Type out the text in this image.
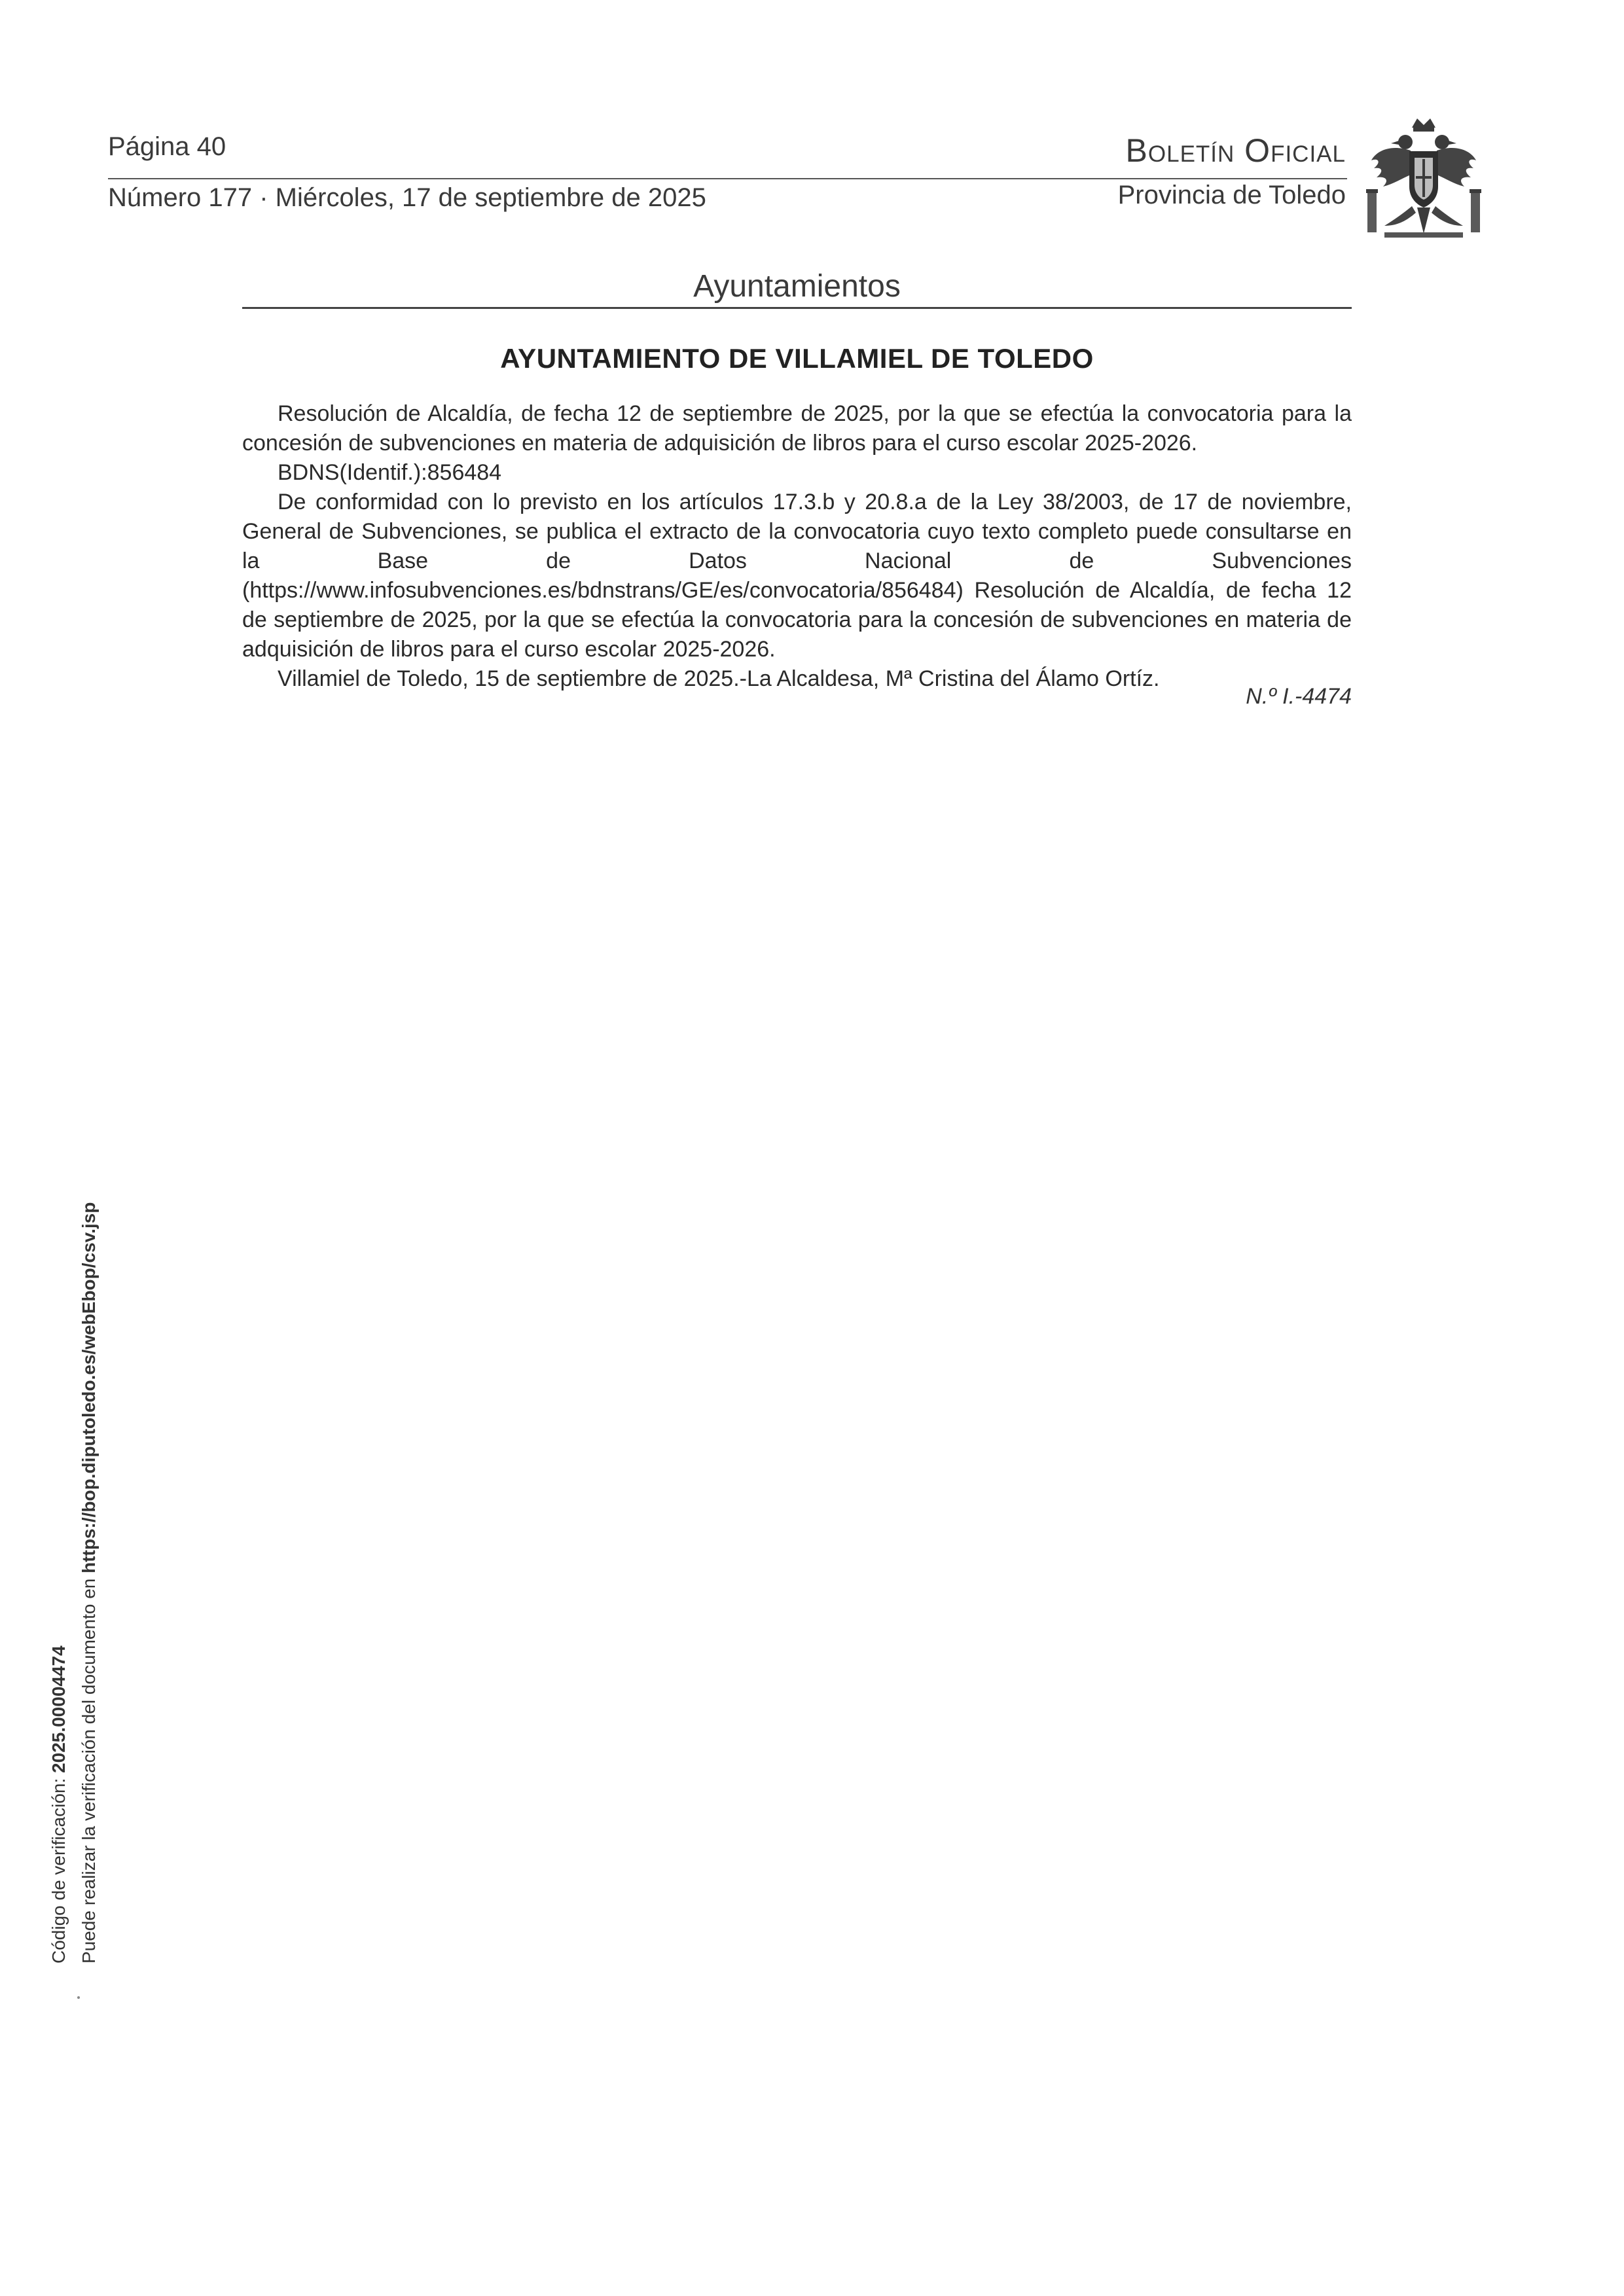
Página 40
Número 177 · Miércoles, 17 de septiembre de 2025
Boletín Oficial
Provincia de Toledo
Ayuntamientos
AYUNTAMIENTO DE VILLAMIEL DE TOLEDO

Resolución de Alcaldía, de fecha 12 de septiembre de 2025, por la que se efectúa la convocatoria para la concesión de subvenciones en materia de adquisición de libros para el curso escolar 2025-2026.

BDNS(Identif.):856484

De conformidad con lo previsto en los artículos 17.3.b y 20.8.a de la Ley 38/2003, de 17 de noviembre, General de Subvenciones, se publica el extracto de la convocatoria cuyo texto completo puede consultarse en la Base de Datos Nacional de Subvenciones (https://www.infosubvenciones.es/bdnstrans/GE/es/convocatoria/856484) Resolución de Alcaldía, de fecha 12 de septiembre de 2025, por la que se efectúa la convocatoria para la concesión de subvenciones en materia de adquisición de libros para el curso escolar 2025-2026.

Villamiel de Toledo, 15 de septiembre de 2025.-La Alcaldesa, Mª Cristina del Álamo Ortíz.

N.º I.-4474
Código de verificación: 2025.00004474 Puede realizar la verificación del documento en https://bop.diputoledo.es/webEbop/csv.jsp
